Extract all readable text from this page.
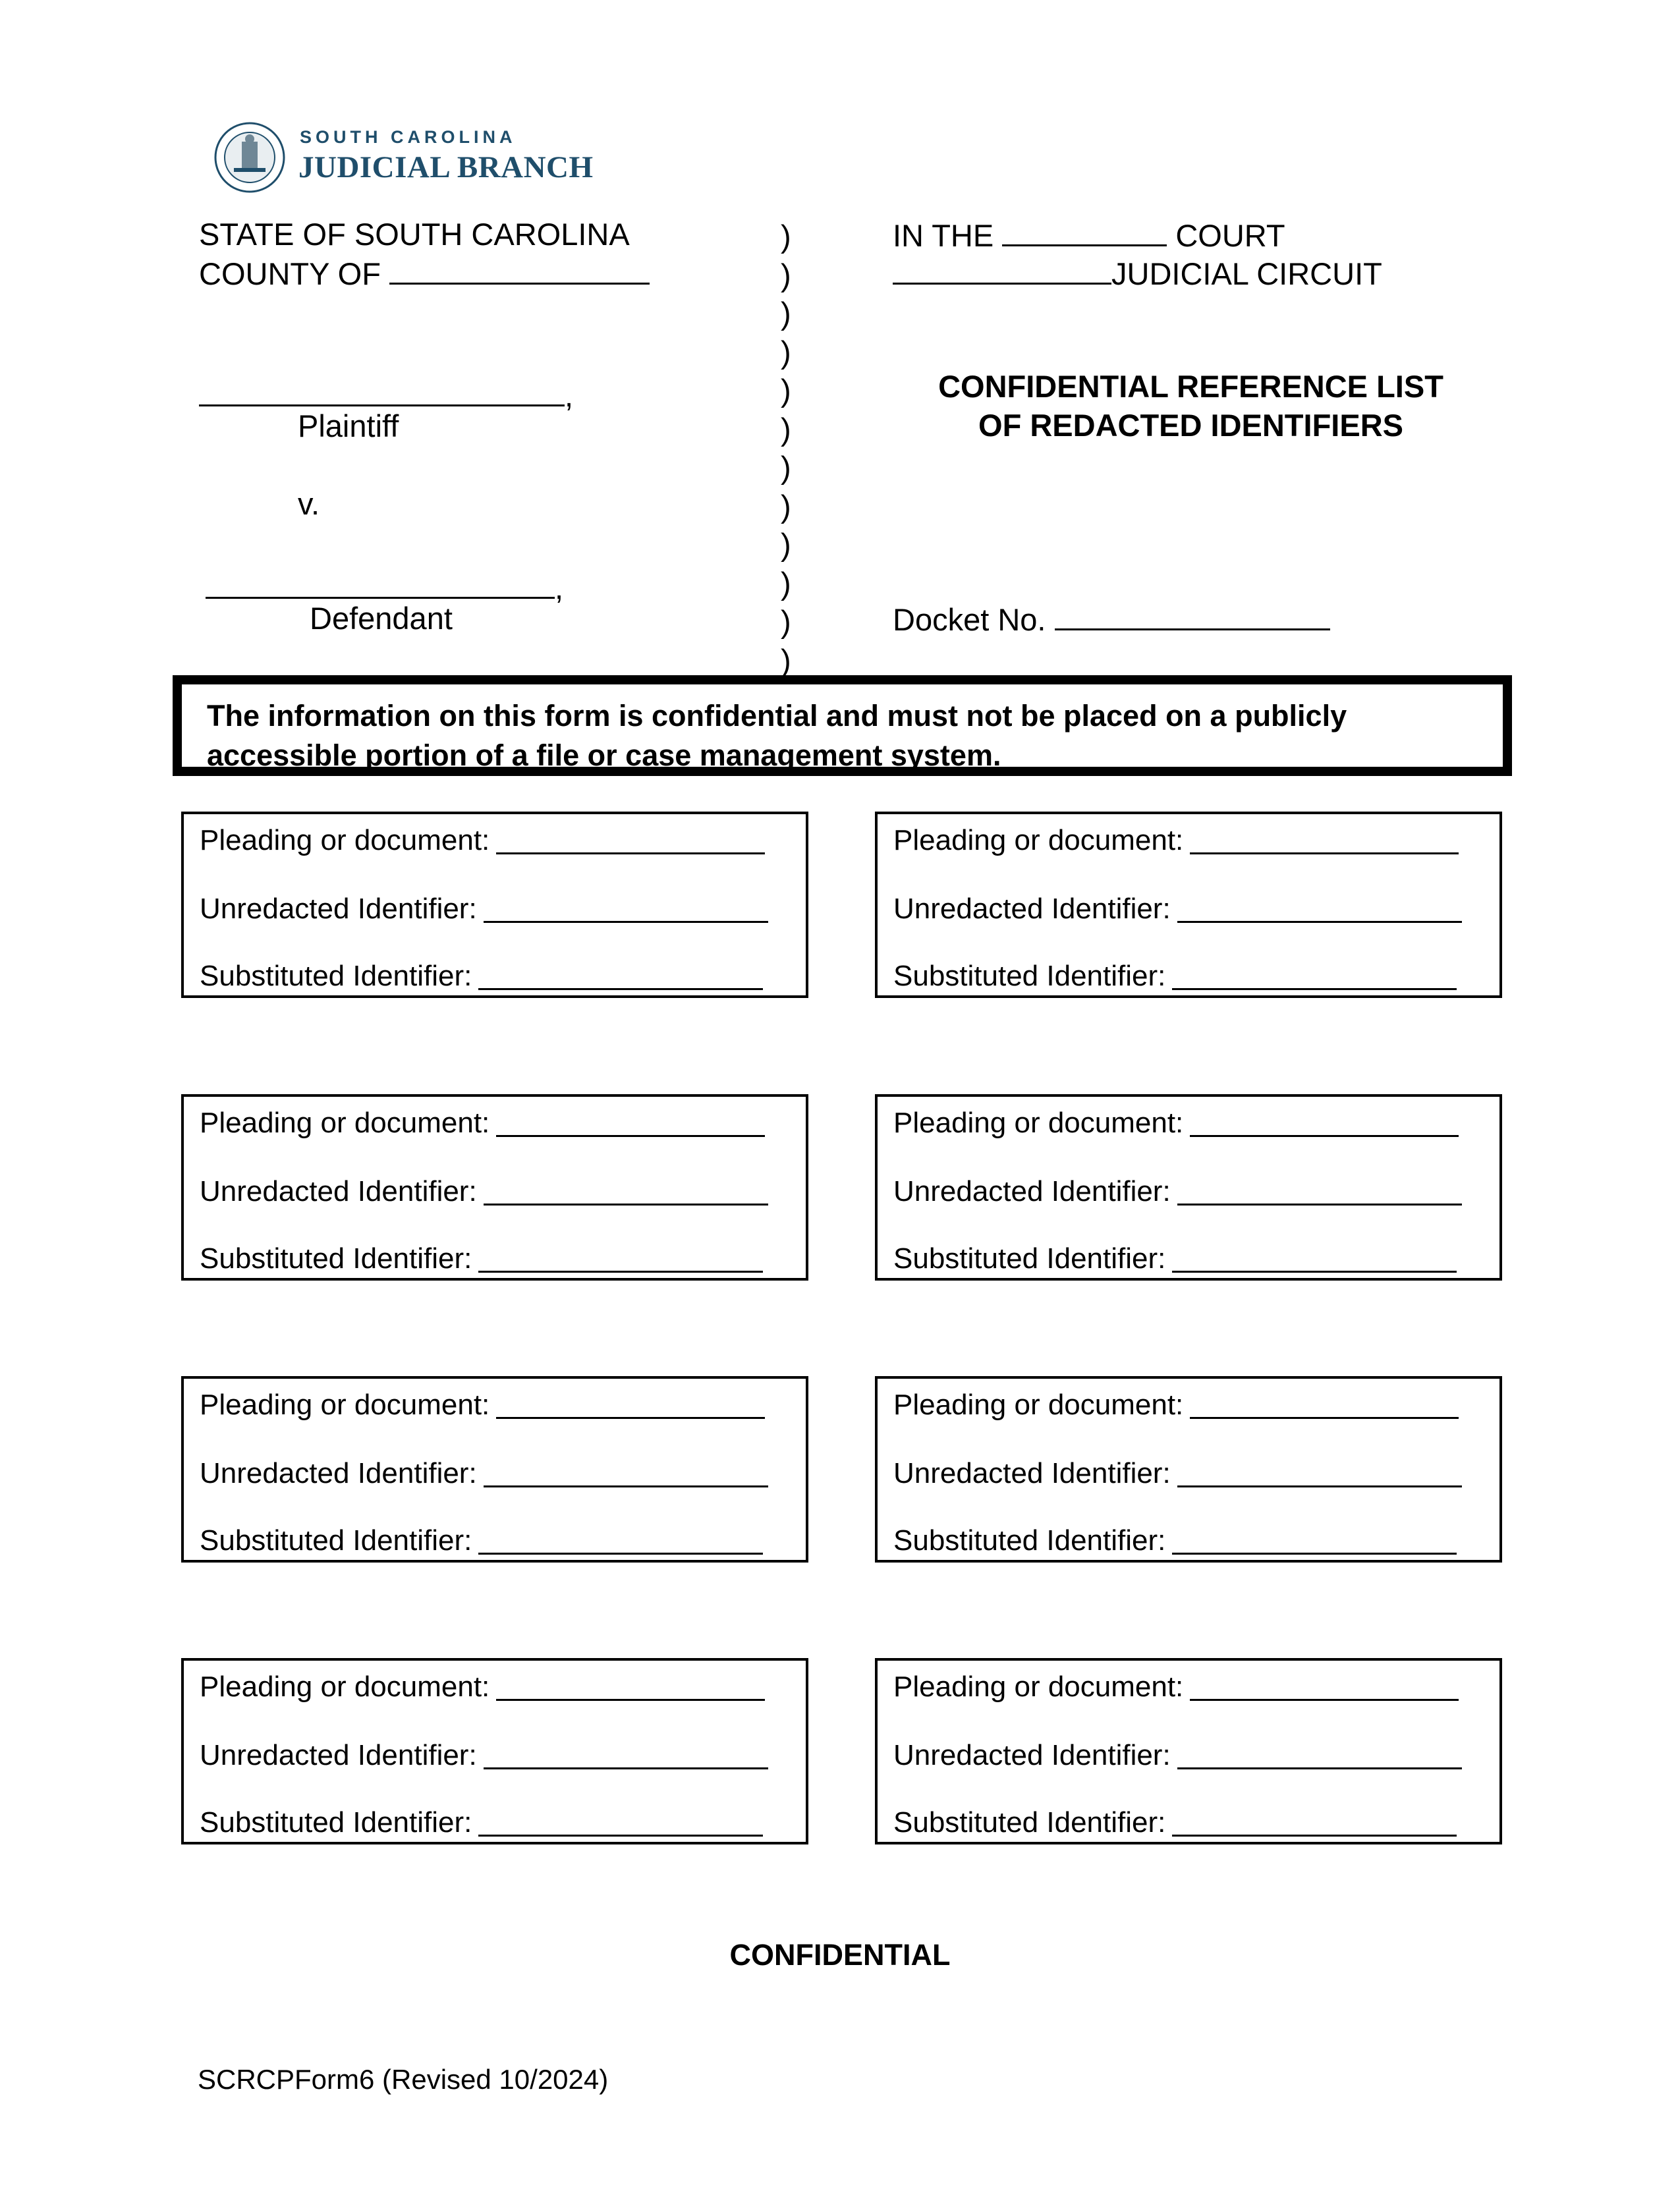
SOUTH CAROLINA
JUDICIAL BRANCH
STATE OF SOUTH CAROLINA
COUNTY OF
,
Plaintiff
v.
,
Defendant
)
)
)
)
)
)
)
)
)
)
)
)
IN THE	COURT
JUDICIAL CIRCUIT
CONFIDENTIAL REFERENCE LIST
OF REDACTED IDENTIFIERS
Docket No.
The information on this form is confidential and must not be placed on a publicly
accessible portion of a file or case management system.
Pleading or document:
Unredacted Identifier:
Substituted Identifier:
Pleading or document:
Unredacted Identifier:
Substituted Identifier:
Pleading or document:
Unredacted Identifier:
Substituted Identifier:
Pleading or document:
Unredacted Identifier:
Substituted Identifier:
Pleading or document:
Unredacted Identifier:
Substituted Identifier:
Pleading or document:
Unredacted Identifier:
Substituted Identifier:
Pleading or document:
Unredacted Identifier:
Substituted Identifier:
Pleading or document:
Unredacted Identifier:
Substituted Identifier:
CONFIDENTIAL
SCRCPForm6 (Revised 10/2024)
